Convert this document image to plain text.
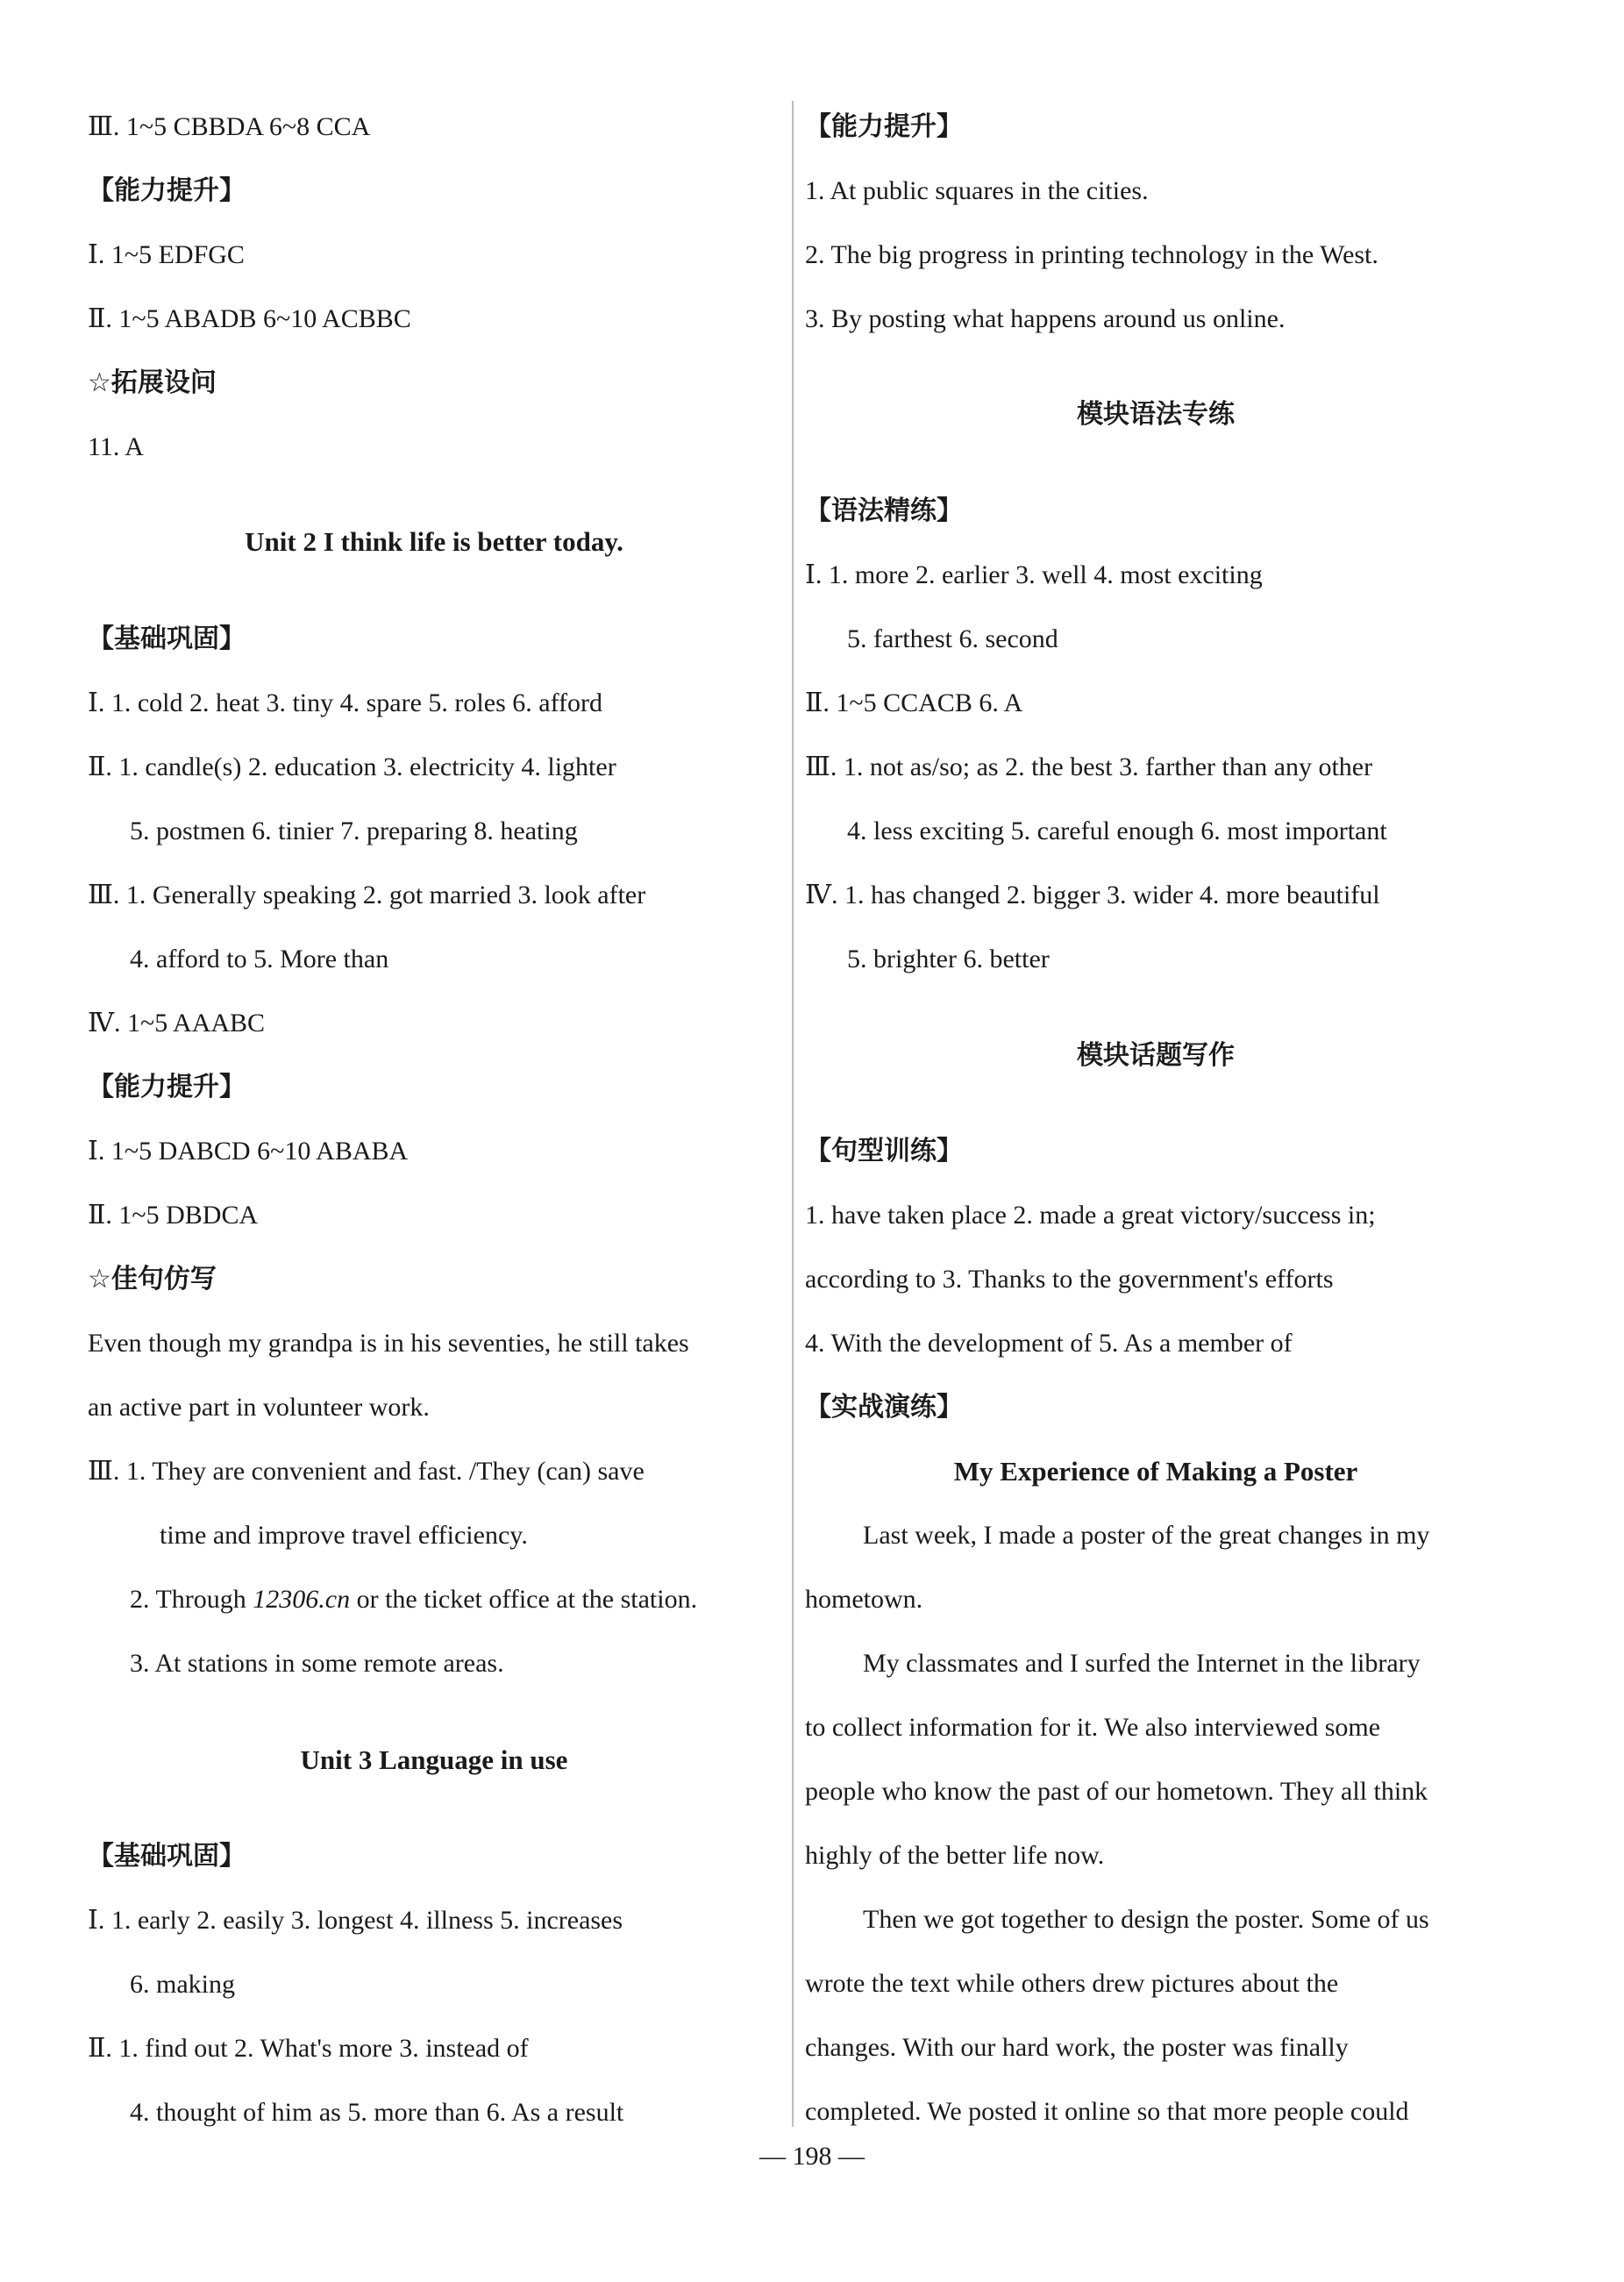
Ⅲ. 1~5 CBBDA 6~8 CCA
【能力提升】
Ⅰ. 1~5 EDFGC
Ⅱ. 1~5 ABADB 6~10 ACBBC
☆拓展设问
11. A
Unit 2 I think life is better today.
【基础巩固】
Ⅰ. 1. cold 2. heat 3. tiny 4. spare 5. roles 6. afford
Ⅱ. 1. candle(s) 2. education 3. electricity 4. lighter
5. postmen 6. tinier 7. preparing 8. heating
Ⅲ. 1. Generally speaking 2. got married 3. look after
4. afford to 5. More than
Ⅳ. 1~5 AAABC
【能力提升】
Ⅰ. 1~5 DABCD 6~10 ABABA
Ⅱ. 1~5 DBDCA
☆佳句仿写
Even though my grandpa is in his seventies, he still takes
an active part in volunteer work.
Ⅲ. 1. They are convenient and fast. /They (can) save
time and improve travel efficiency.
2. Through 12306.cn or the ticket office at the station.
3. At stations in some remote areas.
Unit 3 Language in use
【基础巩固】
Ⅰ. 1. early 2. easily 3. longest 4. illness 5. increases
6. making
Ⅱ. 1. find out 2. What's more 3. instead of
4. thought of him as 5. more than 6. As a result
【能力提升】
1. At public squares in the cities.
2. The big progress in printing technology in the West.
3. By posting what happens around us online.
模块语法专练
【语法精练】
Ⅰ. 1. more 2. earlier 3. well 4. most exciting
5. farthest 6. second
Ⅱ. 1~5 CCACB 6. A
Ⅲ. 1. not as/so; as 2. the best 3. farther than any other
4. less exciting 5. careful enough 6. most important
Ⅳ. 1. has changed 2. bigger 3. wider 4. more beautiful
5. brighter 6. better
模块话题写作
【句型训练】
1. have taken place 2. made a great victory/success in;
according to 3. Thanks to the government's efforts
4. With the development of 5. As a member of
【实战演练】
My Experience of Making a Poster
Last week, I made a poster of the great changes in my
hometown.
My classmates and I surfed the Internet in the library
to collect information for it. We also interviewed some
people who know the past of our hometown. They all think
highly of the better life now.
Then we got together to design the poster. Some of us
wrote the text while others drew pictures about the
changes. With our hard work, the poster was finally
completed. We posted it online so that more people could
— 198 —
